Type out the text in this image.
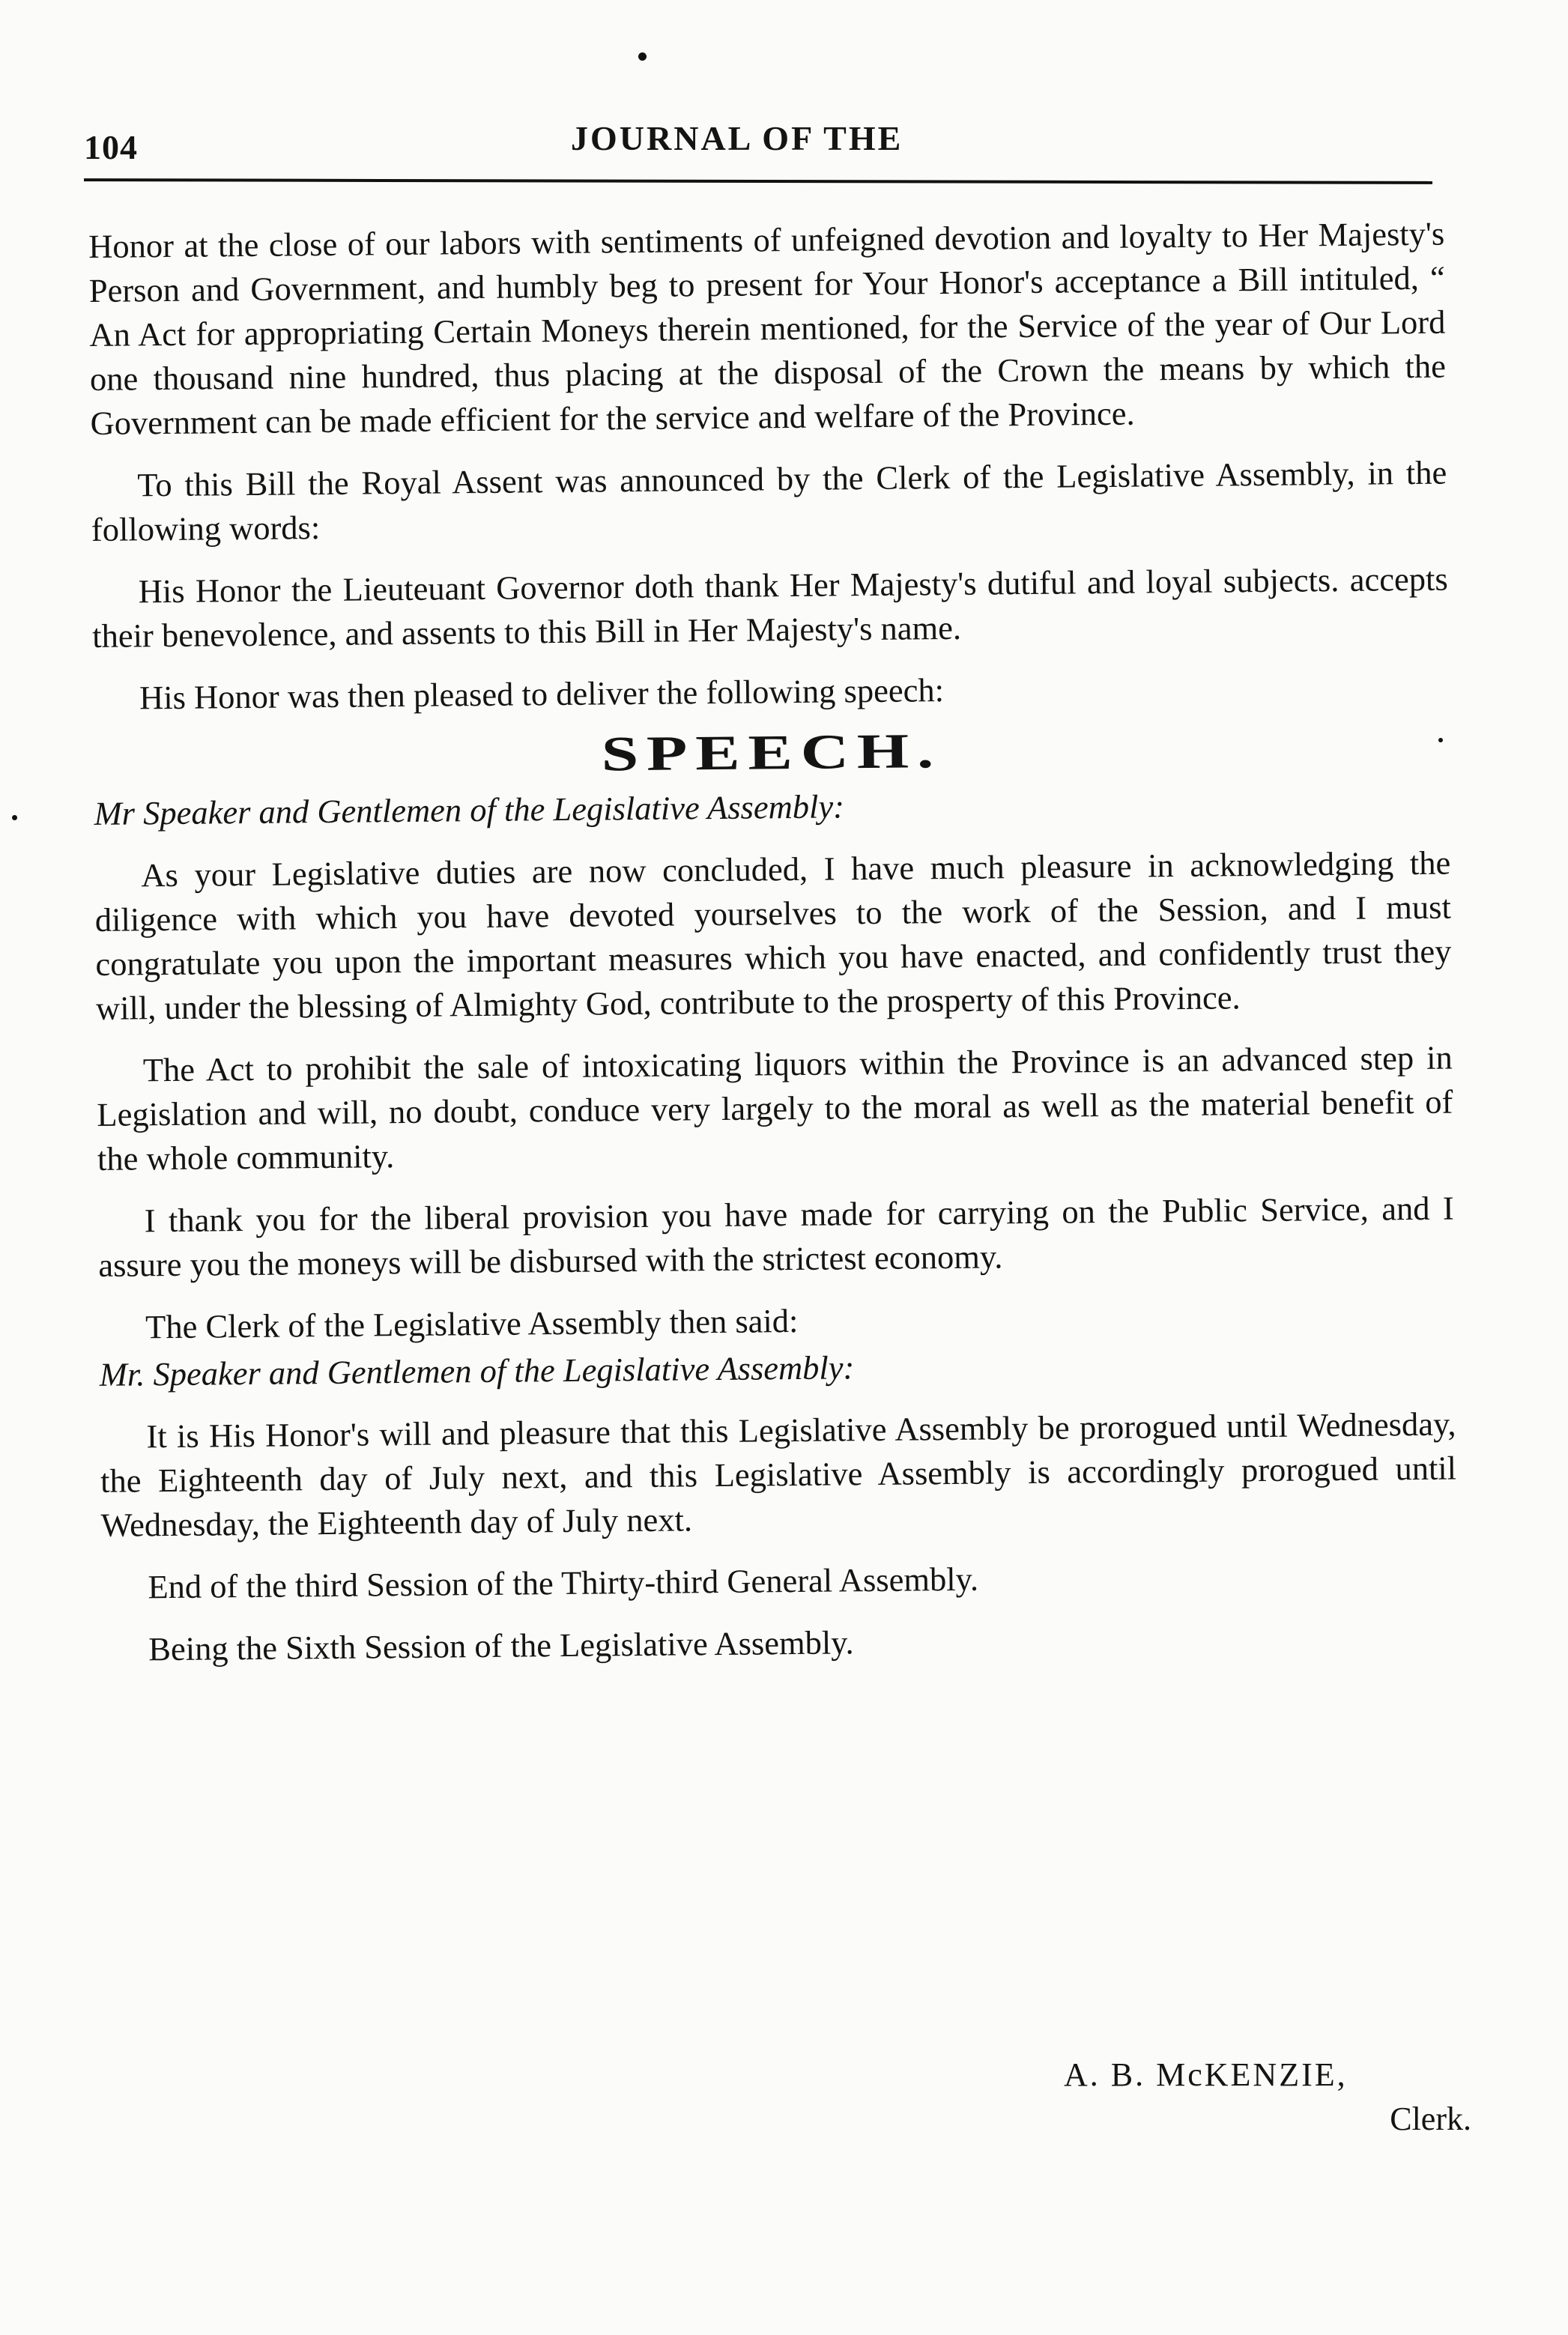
104	JOURNAL OF THE

Honor at the close of our labors with sentiments of unfeigned devotion and loyalty to Her Majesty's Person and Government, and humbly beg to present for Your Honor's acceptance a Bill intituled, “ An Act for appropriating Certain Moneys therein mentioned, for the Service of the year of Our Lord one thousand nine hundred, thus placing at the disposal of the Crown the means by which the Government can be made efficient for the service and welfare of the Province.

To this Bill the Royal Assent was announced by the Clerk of the Legislative Assembly, in the following words:

His Honor the Lieuteuant Governor doth thank Her Majesty's dutiful and loyal subjects. accepts their benevolence, and assents to this Bill in Her Majesty's name.

His Honor was then pleased to deliver the following speech:

SPEECH.

Mr Speaker and Gentlemen of the Legislative Assembly:

As your Legislative duties are now concluded, I have much pleasure in acknowledging the diligence with which you have devoted yourselves to the work of the Session, and I must congratulate you upon the important measures which you have enacted, and confidently trust they will, under the blessing of Almighty God, contribute to the prosperty of this Province.

The Act to prohibit the sale of intoxicating liquors within the Province is an advanced step in Legislation and will, no doubt, conduce very largely to the moral as well as the material benefit of the whole community.

I thank you for the liberal provision you have made for carrying on the Public Service, and I assure you the moneys will be disbursed with the strictest economy.

The Clerk of the Legislative Assembly then said:

Mr. Speaker and Gentlemen of the Legislative Assembly:

It is His Honor's will and pleasure that this Legislative Assembly be prorogued until Wednesday, the Eighteenth day of July next, and this Legislative Assembly is accordingly prorogued until Wednesday, the Eighteenth day of July next.

End of the third Session of the Thirty-third General Assembly.

Being the Sixth Session of the Legislative Assembly.

A. B. McKENZIE,
Clerk.
